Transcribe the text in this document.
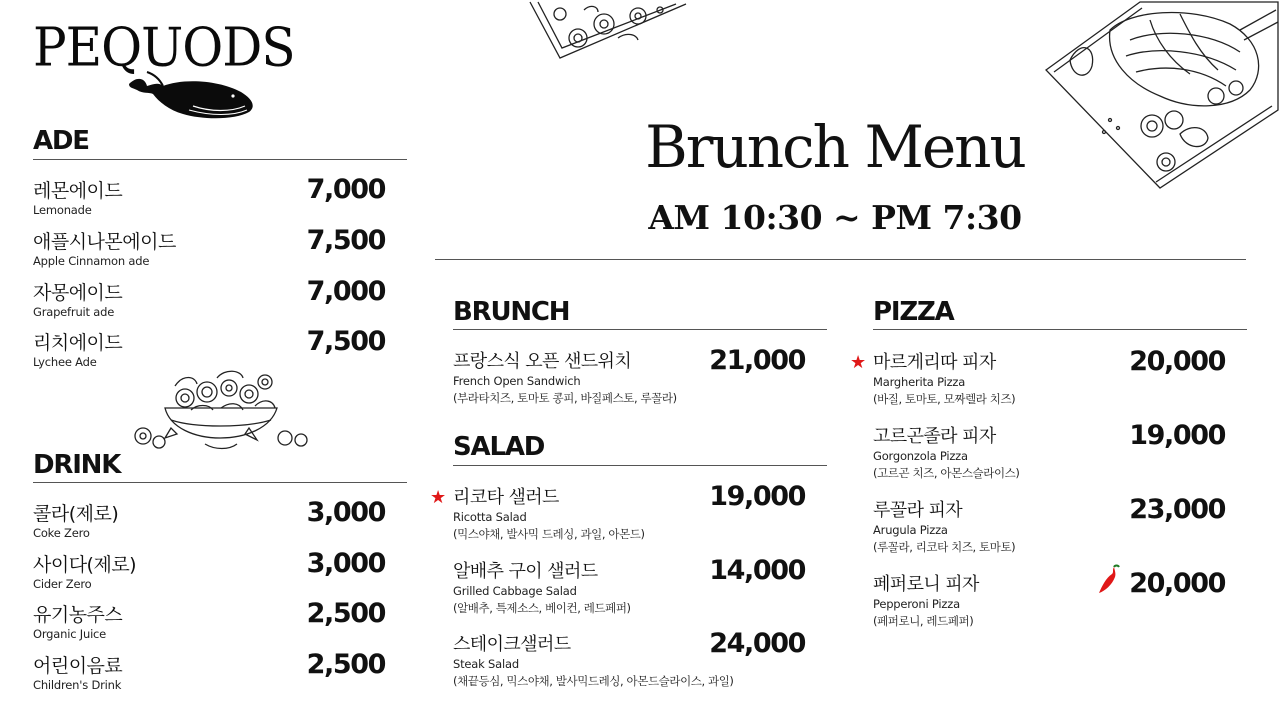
PEQUODS
Brunch Menu
AM 10:30 ~ PM 7:30
ADE
레몬에이드
Lemonade
7,000
애플시나몬에이드
Apple Cinnamon ade
7,500
자몽에이드
Grapefruit ade
7,000
리치에이드
Lychee Ade
7,500
DRINK
콜라(제로)
Coke Zero
3,000
사이다(제로)
Cider Zero
3,000
유기농주스
Organic Juice
2,500
어린이음료
Children's Drink
2,500
BRUNCH
프랑스식 오픈 샌드위치
French Open Sandwich
(부라타치즈, 토마토 콩피, 바질페스토, 루꼴라)
21,000
SALAD
★ 리코타 샐러드
Ricotta Salad
(믹스야채, 발사믹 드레싱, 과일, 아몬드)
19,000
알배추 구이 샐러드
Grilled Cabbage Salad
(알배추, 특제소스, 베이컨, 레드페퍼)
14,000
스테이크샐러드
Steak Salad
(채끝등심, 믹스야채, 발사믹드레싱, 아몬드슬라이스, 과일)
24,000
PIZZA
★ 마르게리따 피자
Margherita Pizza
(바질, 토마토, 모짜렐라 치즈)
20,000
고르곤졸라 피자
Gorgonzola Pizza
(고르곤 치즈, 아몬스슬라이스)
19,000
루꼴라 피자
Arugula Pizza
(루꼴라, 리코타 치즈, 토마토)
23,000
페퍼로니 피자
Pepperoni Pizza
(페퍼로니, 레드페퍼)
20,000
